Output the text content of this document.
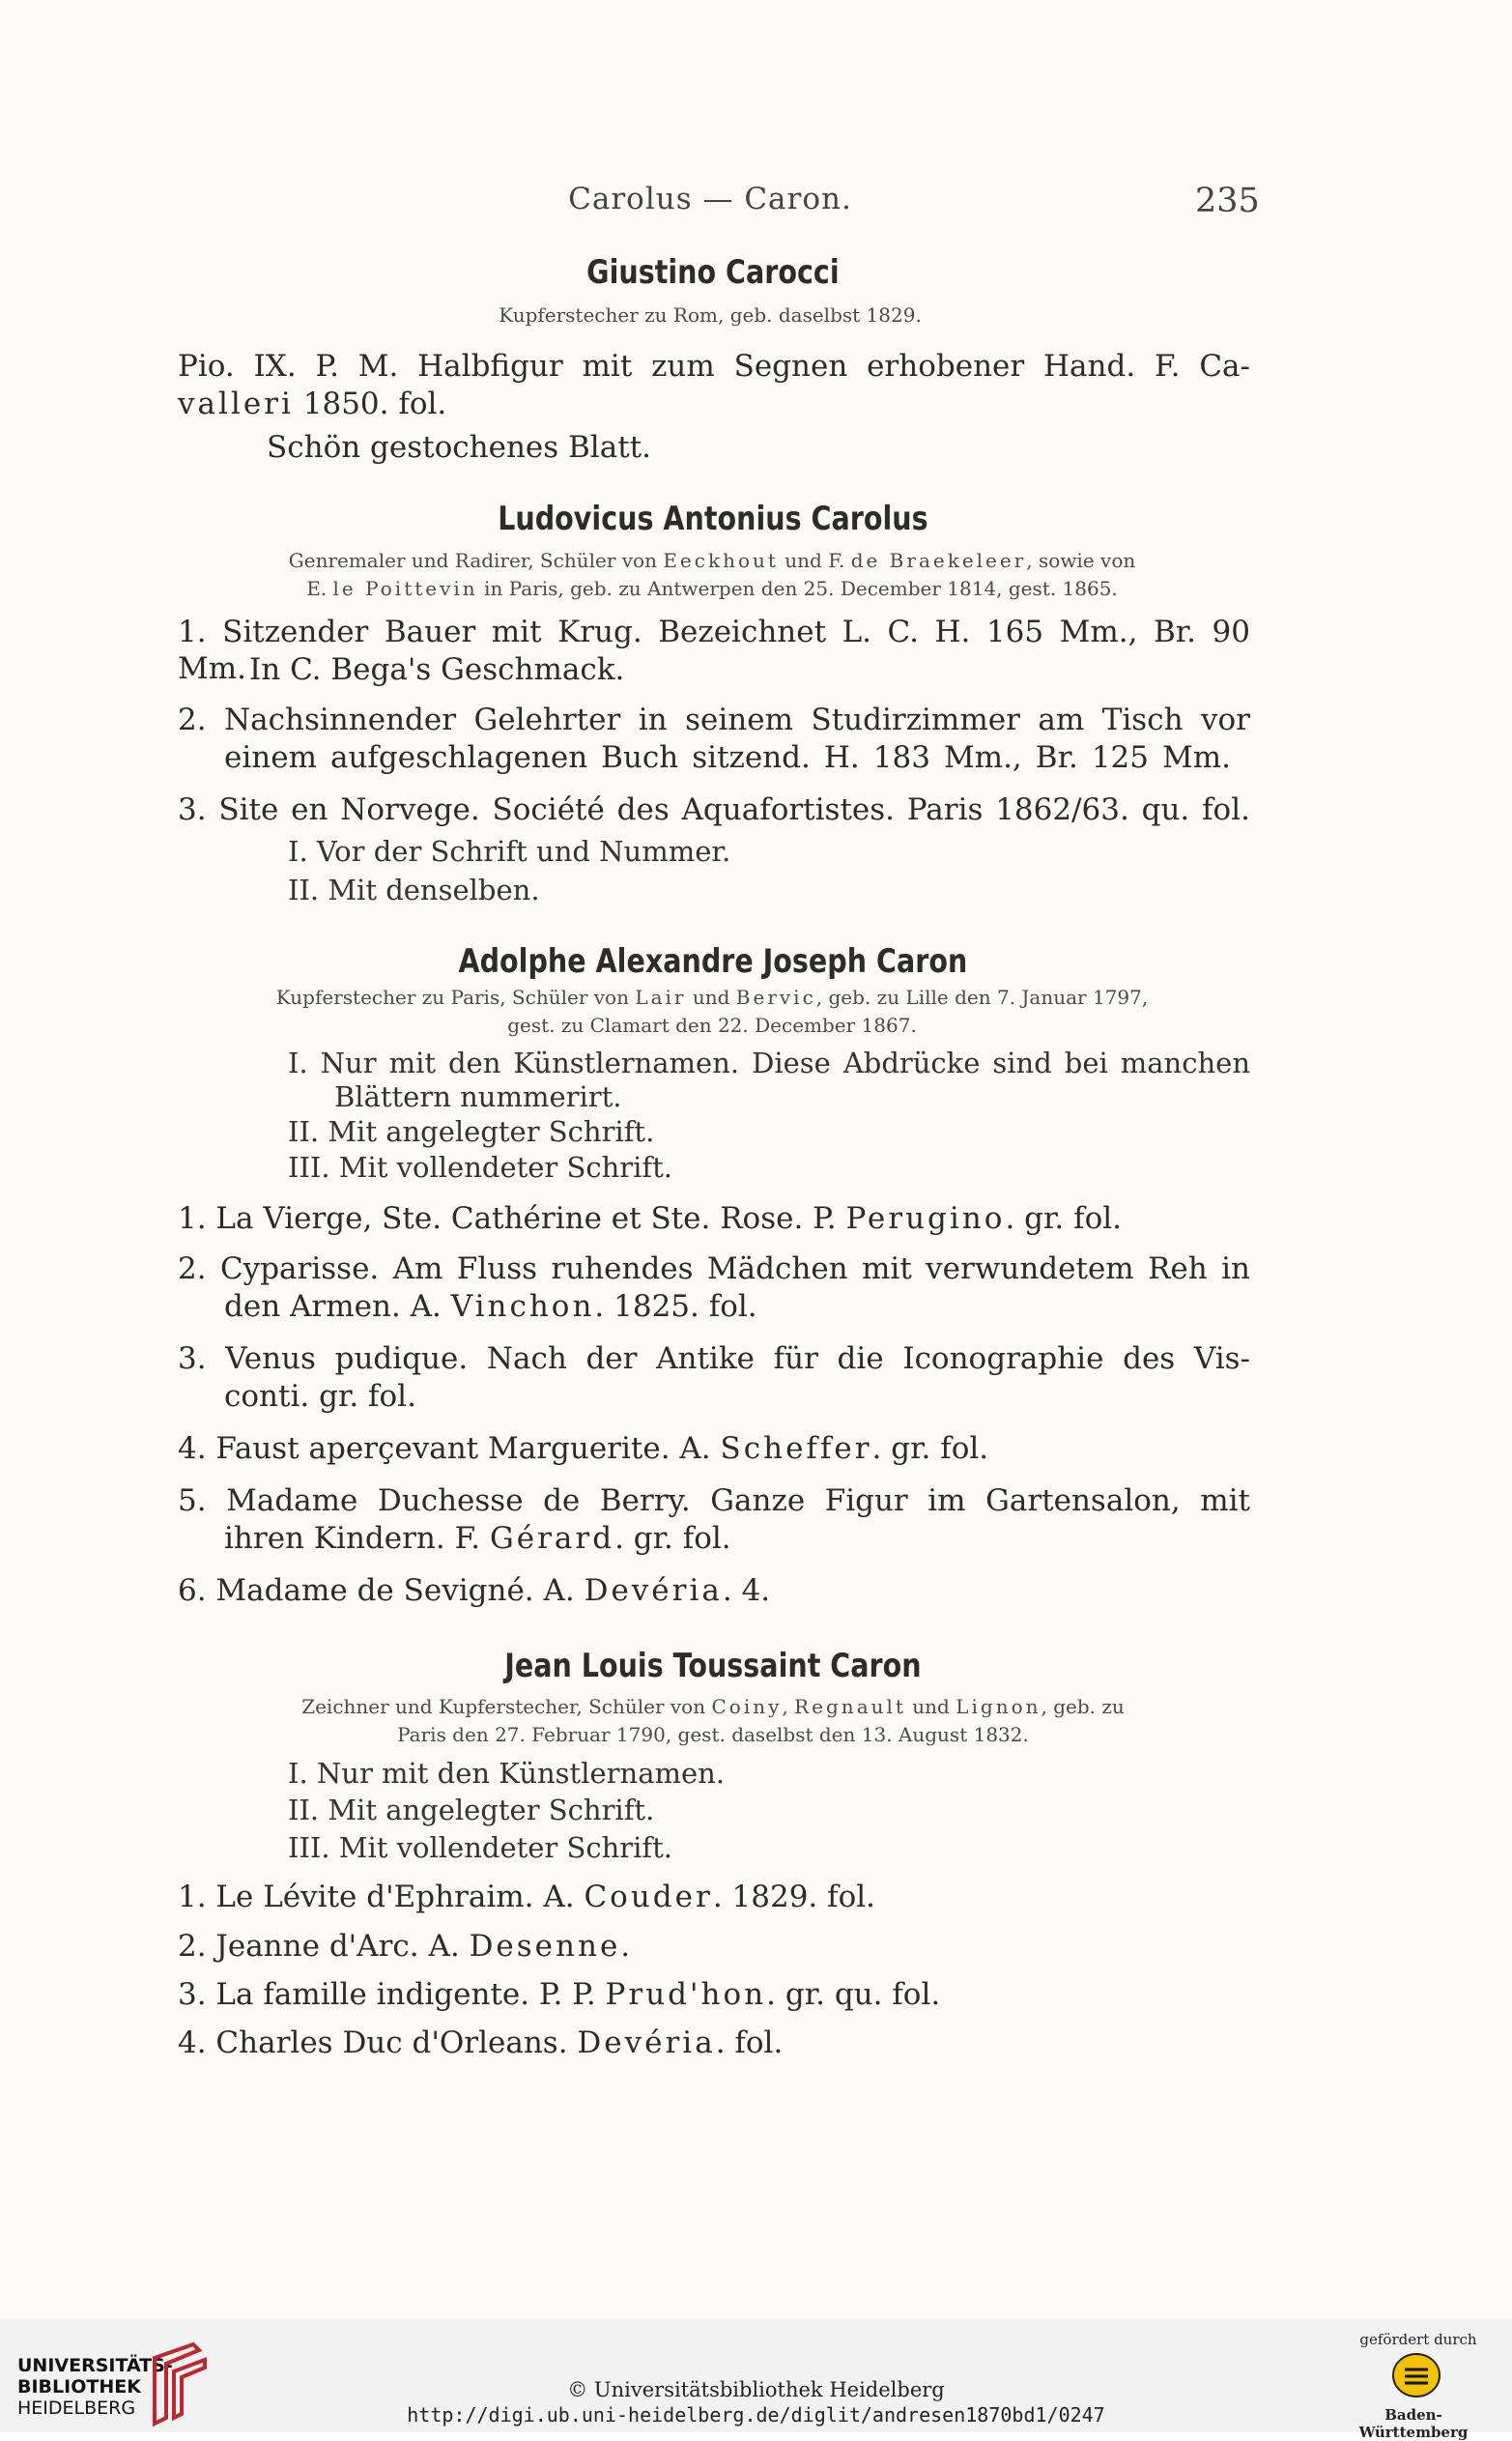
Carolus — Caron.	235
Giustino Carocci
Kupferstecher zu Rom, geb. daselbst 1829.
Pio. IX. P. M. Halbfigur mit zum Segnen erhobener Hand. F. Ca-
valleri 1850. fol.
Schön gestochenes Blatt.
Ludovicus Antonius Carolus
Genremaler und Radirer, Schüler von Eeckhout und F. de Braekeleer, sowie von
E. le Poittevin in Paris, geb. zu Antwerpen den 25. December 1814, gest. 1865.
1. Sitzender Bauer mit Krug. Bezeichnet L. C. H. 165 Mm., Br. 90 Mm. In C. Bega's Geschmack.
2. Nachsinnender Gelehrter in seinem Studirzimmer am Tisch vor
einem aufgeschlagenen Buch sitzend. H. 183 Mm., Br. 125 Mm.
3. Site en Norvege. Société des Aquafortistes. Paris 1862/63. qu. fol.
I. Vor der Schrift und Nummer.
II. Mit denselben.
Adolphe Alexandre Joseph Caron
Kupferstecher zu Paris, Schüler von Lair und Bervic, geb. zu Lille den 7. Januar 1797,
gest. zu Clamart den 22. December 1867.
I. Nur mit den Künstlernamen. Diese Abdrücke sind bei manchen
Blättern nummerirt.
II. Mit angelegter Schrift.
III. Mit vollendeter Schrift.
1. La Vierge, Ste. Cathérine et Ste. Rose. P. Perugino. gr. fol.
2. Cyparisse. Am Fluss ruhendes Mädchen mit verwundetem Reh in
den Armen. A. Vinchon. 1825. fol.
3. Venus pudique. Nach der Antike für die Iconographie des Vis-
conti. gr. fol.
4. Faust aperçevant Marguerite. A. Scheffer. gr. fol.
5. Madame Duchesse de Berry. Ganze Figur im Gartensalon, mit
ihren Kindern. F. Gérard. gr. fol.
6. Madame de Sevigné. A. Devéria. 4.
Jean Louis Toussaint Caron
Zeichner und Kupferstecher, Schüler von Coiny, Regnault und Lignon, geb. zu
Paris den 27. Februar 1790, gest. daselbst den 13. August 1832.
I. Nur mit den Künstlernamen.
II. Mit angelegter Schrift.
III. Mit vollendeter Schrift.
1. Le Lévite d'Ephraim. A. Couder. 1829. fol.
2. Jeanne d'Arc. A. Desenne.
3. La famille indigente. P. P. Prud'hon. gr. qu. fol.
4. Charles Duc d'Orleans. Devéria. fol.
UNIVERSITÄTS-
BIBLIOTHEK
HEIDELBERG
© Universitätsbibliothek Heidelberg
http://digi.ub.uni-heidelberg.de/diglit/andresen1870bd1/0247
gefördert durch
Baden-Württemberg
